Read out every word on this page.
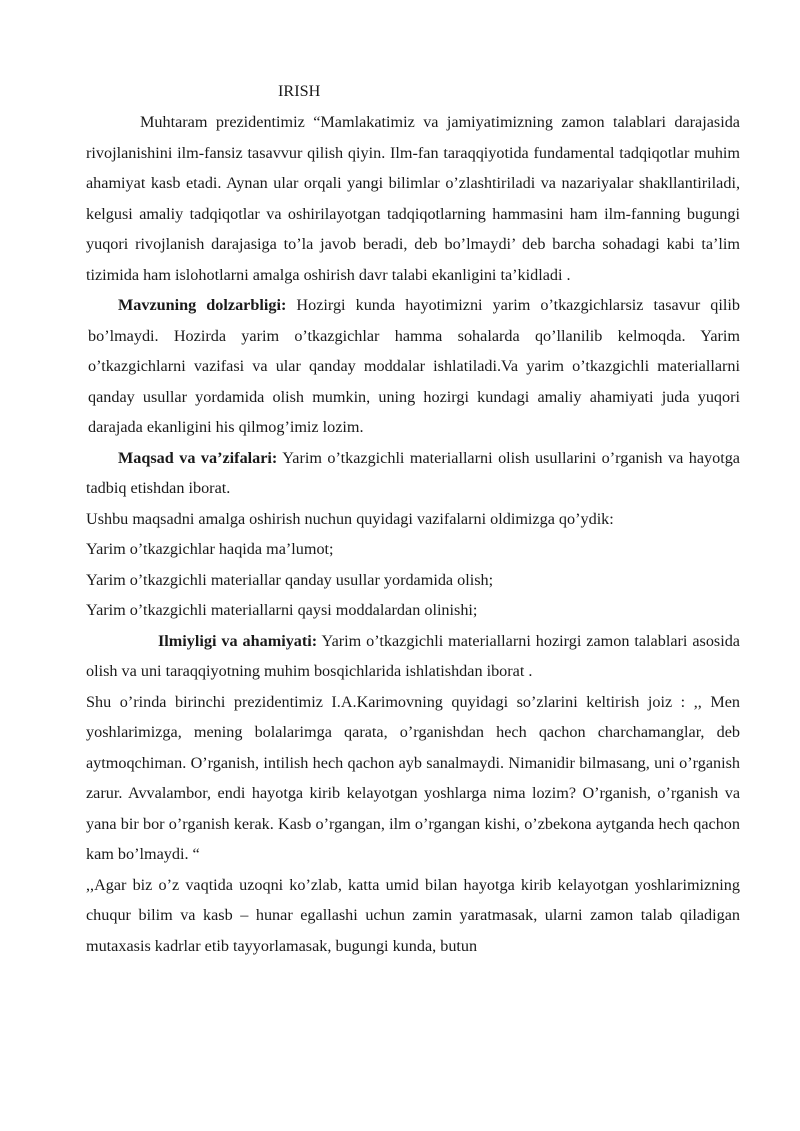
IRISH

Muhtaram prezidentimiz “Mamlakatimiz va jamiyatimizning zamon talablari darajasida rivojlanishini ilm-fansiz tasavvur qilish qiyin. Ilm-fan taraqqiyotida fundamental tadqiqotlar muhim ahamiyat kasb etadi. Aynan ular orqali yangi bilimlar o’zlashtiriladi va nazariyalar shakllantiriladi, kelgusi amaliy tadqiqotlar va oshirilayotgan tadqiqotlarning hammasini ham ilm-fanning bugungi yuqori rivojlanish darajasiga to’la javob beradi, deb bo’lmaydi’ deb barcha sohadagi kabi ta’lim tizimida ham islohotlarni amalga oshirish davr talabi ekanligini ta’kidladi .

Mavzuning dolzarbligi: Hozirgi kunda hayotimizni yarim o’tkazgichlarsiz tasavur qilib bo’lmaydi. Hozirda yarim o’tkazgichlar hamma sohalarda qo’llanilib kelmoqda. Yarim o’tkazgichlarni vazifasi va ular qanday moddalar ishlatiladi.Va yarim o’tkazgichli materiallarni qanday usullar yordamida olish mumkin, uning hozirgi kundagi amaliy ahamiyati juda yuqori darajada ekanligini his qilmog’imiz lozim.

Maqsad va va’zifalari: Yarim o’tkazgichli materiallarni olish usullarini o’rganish va hayotga tadbiq etishdan iborat.

Ushbu maqsadni amalga oshirish nuchun quyidagi vazifalarni oldimizga qo’ydik:

Yarim o’tkazgichlar haqida ma’lumot;

Yarim o’tkazgichli materiallar qanday usullar yordamida olish;

Yarim o’tkazgichli materiallarni qaysi moddalardan olinishi;

Ilmiyligi va ahamiyati: Yarim o’tkazgichli materiallarni hozirgi zamon talablari asosida olish va uni taraqqiyotning muhim bosqichlarida ishlatishdan iborat .

Shu o’rinda birinchi prezidentimiz I.A.Karimovning quyidagi so’zlarini keltirish joiz : ,, Men yoshlarimizga, mening bolalarimga qarata, o’rganishdan hech qachon charchamanglar, deb aytmoqchiman. O’rganish, intilish hech qachon ayb sanalmaydi. Nimanidir bilmasang, uni o’rganish zarur. Avvalambor, endi hayotga kirib kelayotgan yoshlarga nima lozim? O’rganish, o’rganish va yana bir bor o’rganish kerak. Kasb o’rgangan, ilm o’rgangan kishi, o’zbekona aytganda hech qachon kam bo’lmaydi. “

,,Agar biz o’z vaqtida uzoqni ko’zlab, katta umid bilan hayotga kirib kelayotgan yoshlarimizning chuqur bilim va kasb – hunar egallashi uchun zamin yaratmasak, ularni zamon talab qiladigan mutaxasis kadrlar etib tayyorlamasak, bugungi kunda, butun
